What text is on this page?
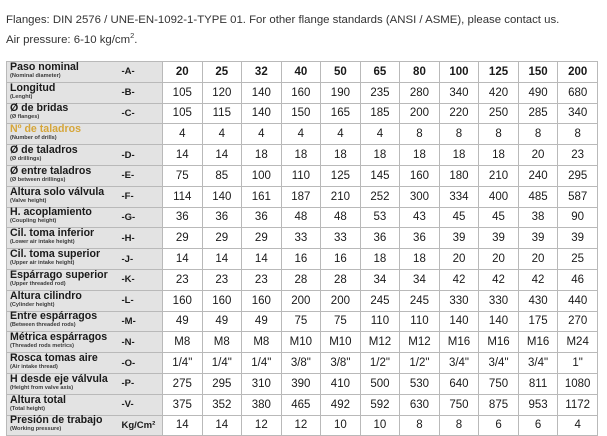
Flanges: DIN 2576 / UNE-EN-1092-1-TYPE 01. For other flange standards (ANSI / ASME), please contact us.
Air pressure: 6-10 $kg/cm^2$.
Paso nominal
(Nominal diameter)	-A-	20	25	32	40	50	65	80	100	125	150	200

Longitud
(Lenght)	-B-	105	120	140	160	190	235	280	340	420	490	680

Ø de bridas
(Ø flanges)	-C-	105	115	140	150	165	185	200	220	250	285	340

Nº de taladros
(Number of drills)		4	4	4	4	4	4	8	8	8	8	8

Ø de taladros
(Ø drillings)	-D-	14	14	18	18	18	18	18	18	18	20	23

Ø entre taladros
(Ø between drillings)	-E-	75	85	100	110	125	145	160	180	210	240	295

Altura solo válvula
(Valve height)	-F-	114	140	161	187	210	252	300	334	400	485	587

H. acoplamiento
(Coupling height)	-G-	36	36	36	48	48	53	43	45	45	38	90

Cil. toma inferior
(Lower air intake height)	-H-	29	29	29	33	33	36	36	39	39	39	39

Cil. toma superior
(Upper air intake height)	-J-	14	14	14	16	16	18	18	20	20	20	25

Espárrago superior
(Upper threaded rod)	-K-	23	23	23	28	28	34	34	42	42	42	46

Altura cilindro
(Cylinder height)	-L-	160	160	160	200	200	245	245	330	330	430	440

Entre espárragos
(Between threaded rods)	-M-	49	49	49	75	75	110	110	140	140	175	270

Métrica espárragos
(Threaded rods metrics)	-N-	M8	M8	M8	M10	M10	M12	M12	M16	M16	M16	M24

Rosca tomas aire
(Air intake thread)	-O-	1/4"	1/4"	1/4"	3/8"	3/8"	1/2"	1/2"	3/4"	3/4"	3/4"	1"

H desde eje válvula
(Height from valve axis)	-P-	275	295	310	390	410	500	530	640	750	811	1080

Altura total
(Total height)	-V-	375	352	380	465	492	592	630	750	875	953	1172

Presión de trabajo
(Working pressure)	Kg/Cm²	14	14	12	12	10	10	8	8	6	6	4
